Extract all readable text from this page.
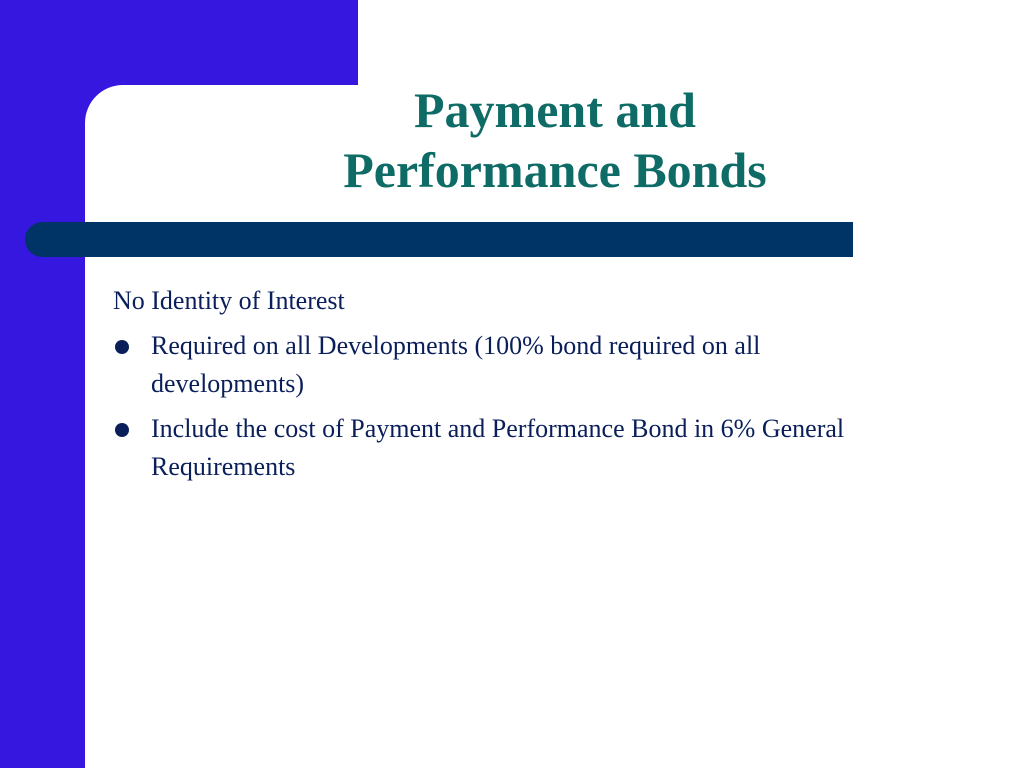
Payment and
Performance Bonds

No Identity of Interest

Required on all Developments (100% bond required on all developments)
Include the cost of Payment and Performance Bond in 6% General Requirements
